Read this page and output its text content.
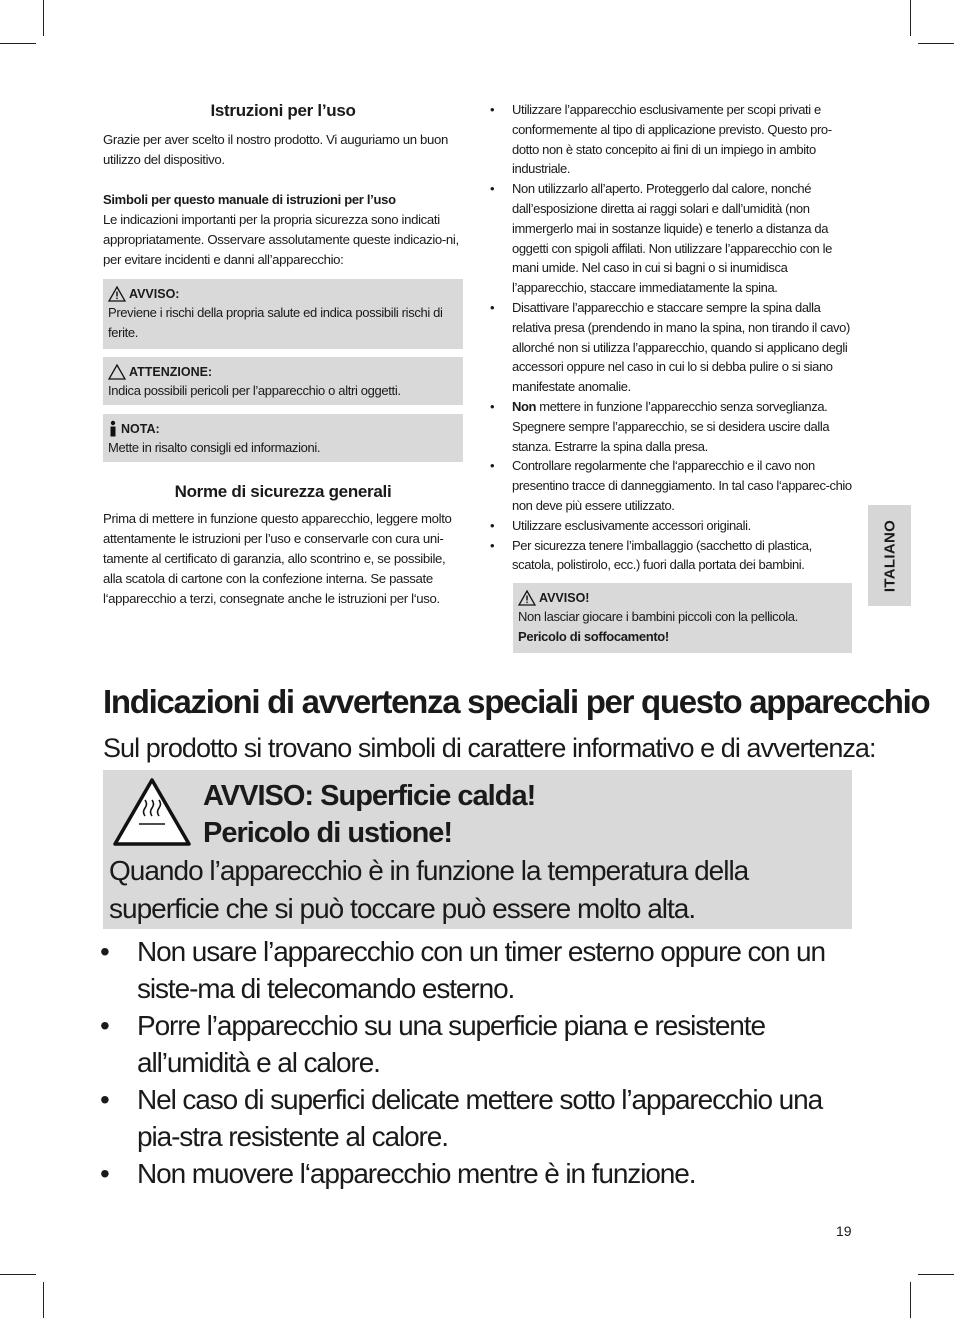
Istruzioni per l’uso
Grazie per aver scelto il nostro prodotto. Vi auguriamo un buon utilizzo del dispositivo.
Simboli per questo manuale di istruzioni per l’uso
Le indicazioni importanti per la propria sicurezza sono indicati appropriatamente. Osservare assolutamente queste indicazio-ni, per evitare incidenti e danni all’apparecchio:
AVVISO:
Previene i rischi della propria salute ed indica possibili rischi di ferite.
ATTENZIONE:
Indica possibili pericoli per l’apparecchio o altri oggetti.
NOTA:
Mette in risalto consigli ed informazioni.
Norme di sicurezza generali
Prima di mettere in funzione questo apparecchio, leggere molto attentamente le istruzioni per l’uso e conservarle con cura uni-tamente al certificato di garanzia, allo scontrino e, se possibile, alla scatola di cartone con la confezione interna. Se passate l‘apparecchio a terzi, consegnate anche le istruzioni per l‘uso.
• Utilizzare l’apparecchio esclusivamente per scopi privati e conformemente al tipo di applicazione previsto. Questo pro-dotto non è stato concepito ai fini di un impiego in ambito industriale.
• Non utilizzarlo all’aperto. Proteggerlo dal calore, nonché dall’esposizione diretta ai raggi solari e dall’umidità (non immergerlo mai in sostanze liquide) e tenerlo a distanza da oggetti con spigoli affilati. Non utilizzare l’apparecchio con le mani umide. Nel caso in cui si bagni o si inumidisca l’apparecchio, staccare immediatamente la spina.
• Disattivare l’apparecchio e staccare sempre la spina dalla relativa presa (prendendo in mano la spina, non tirando il cavo) allorché non si utilizza l’apparecchio, quando si applicano degli accessori oppure nel caso in cui lo si debba pulire o si siano manifestate anomalie.
• Non mettere in funzione l’apparecchio senza sorveglianza. Spegnere sempre l’apparecchio, se si desidera uscire dalla stanza. Estrarre la spina dalla presa.
• Controllare regolarmente che l‘apparecchio e il cavo non presentino tracce di danneggiamento. In tal caso l‘apparec-chio non deve più essere utilizzato.
• Utilizzare esclusivamente accessori originali.
• Per sicurezza tenere l’imballaggio (sacchetto di plastica, scatola, polistirolo, ecc.) fuori dalla portata dei bambini.
AVVISO!
Non lasciar giocare i bambini piccoli con la pellicola.
Pericolo di soffocamento!
Indicazioni di avvertenza speciali per questo apparecchio
Sul prodotto si trovano simboli di carattere informativo e di avvertenza:
AVVISO: Superficie calda!
Pericolo di ustione!
Quando l’apparecchio è in funzione la temperatura della superficie che si può toccare può essere molto alta.
• Non usare l’apparecchio con un timer esterno oppure con un siste-ma di telecomando esterno.
• Porre l’apparecchio su una superficie piana e resistente all’umidità e al calore.
• Nel caso di superfici delicate mettere sotto l’apparecchio una pia-stra resistente al calore.
• Non muovere l‘apparecchio mentre è in funzione.
ITALIANO
19
